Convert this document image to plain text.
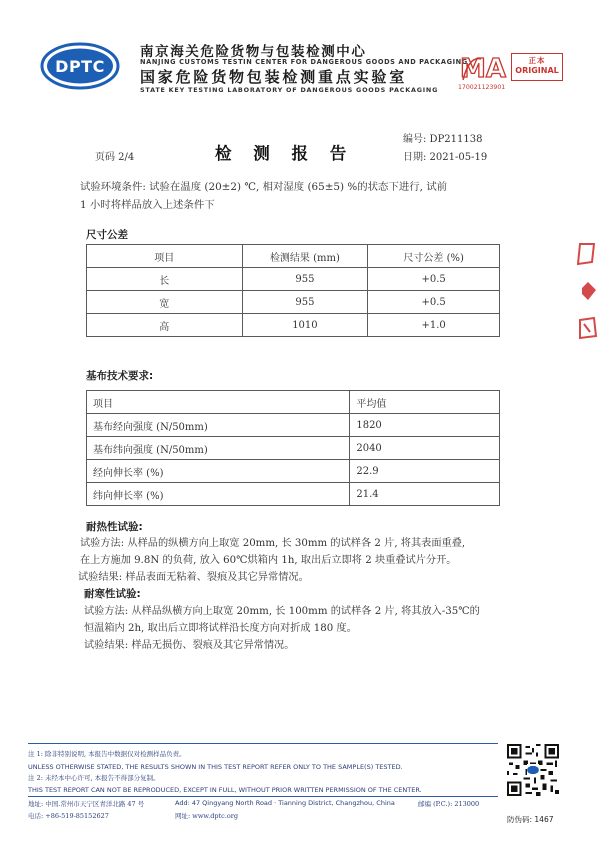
DPTC
南京海关危险货物与包装检测中心
NANJING CUSTOMS TESTIN CENTER FOR DANGEROUS GOODS AND PACKAGING
国家危险货物包装检测重点实验室
STATE KEY TESTING LABORATORY OF DANGEROUS GOODS PACKAGING
MA
170021123901
正本
ORIGINAL
页码 2/4	检 测 报 告
编号: DP211138
日期: 2021-05-19
试验环境条件: 试验在温度 (20±2) ℃, 相对湿度 (65±5) %的状态下进行, 试前
1 小时将样品放入上述条件下
尺寸公差
项目	检测结果 (mm)	尺寸公差 (%)
长	955	+0.5
宽	955	+0.5
高	1010	+1.0
基布技术要求:
项目	平均值
基布经向强度 (N/50mm)	1820
基布纬向强度 (N/50mm)	2040
经向伸长率 (%)	22.9
纬向伸长率 (%)	21.4
耐热性试验:
试验方法: 从样品的纵横方向上取宽 20mm, 长 30mm 的试样各 2 片, 将其表面重叠,
在上方施加 9.8N 的负荷, 放入 60℃烘箱内 1h, 取出后立即将 2 块重叠试片分开。
试验结果: 样品表面无粘着、裂痕及其它异常情况。
耐寒性试验:
试验方法: 从样品纵横方向上取宽 20mm, 长 100mm 的试样各 2 片, 将其放入-35℃的
恒温箱内 2h, 取出后立即将试样沿长度方向对折成 180 度。
试验结果: 样品无损伤、裂痕及其它异常情况。
注 1: 除非特别说明, 本报告中数据仅对检测样品负责。
UNLESS OTHERWISE STATED, THE RESULTS SHOWN IN THIS TEST REPORT REFER ONLY TO THE SAMPLE(S) TESTED.
注 2: 未经本中心许可, 本报告不得部分复制。
THIS TEST REPORT CAN NOT BE REPRODUCED, EXCEPT IN FULL, WITHOUT PRIOR WRITTEN PERMISSION OF THE CENTER.
地址: 中国.常州市天宁区青洋北路 47 号	Add: 47 Qingyang North Road · Tianning District, Changzhou, China	邮编 (P.C.): 213000
电话: +86-519-85152627	网址: www.dptc.org	防伪码: 1467
